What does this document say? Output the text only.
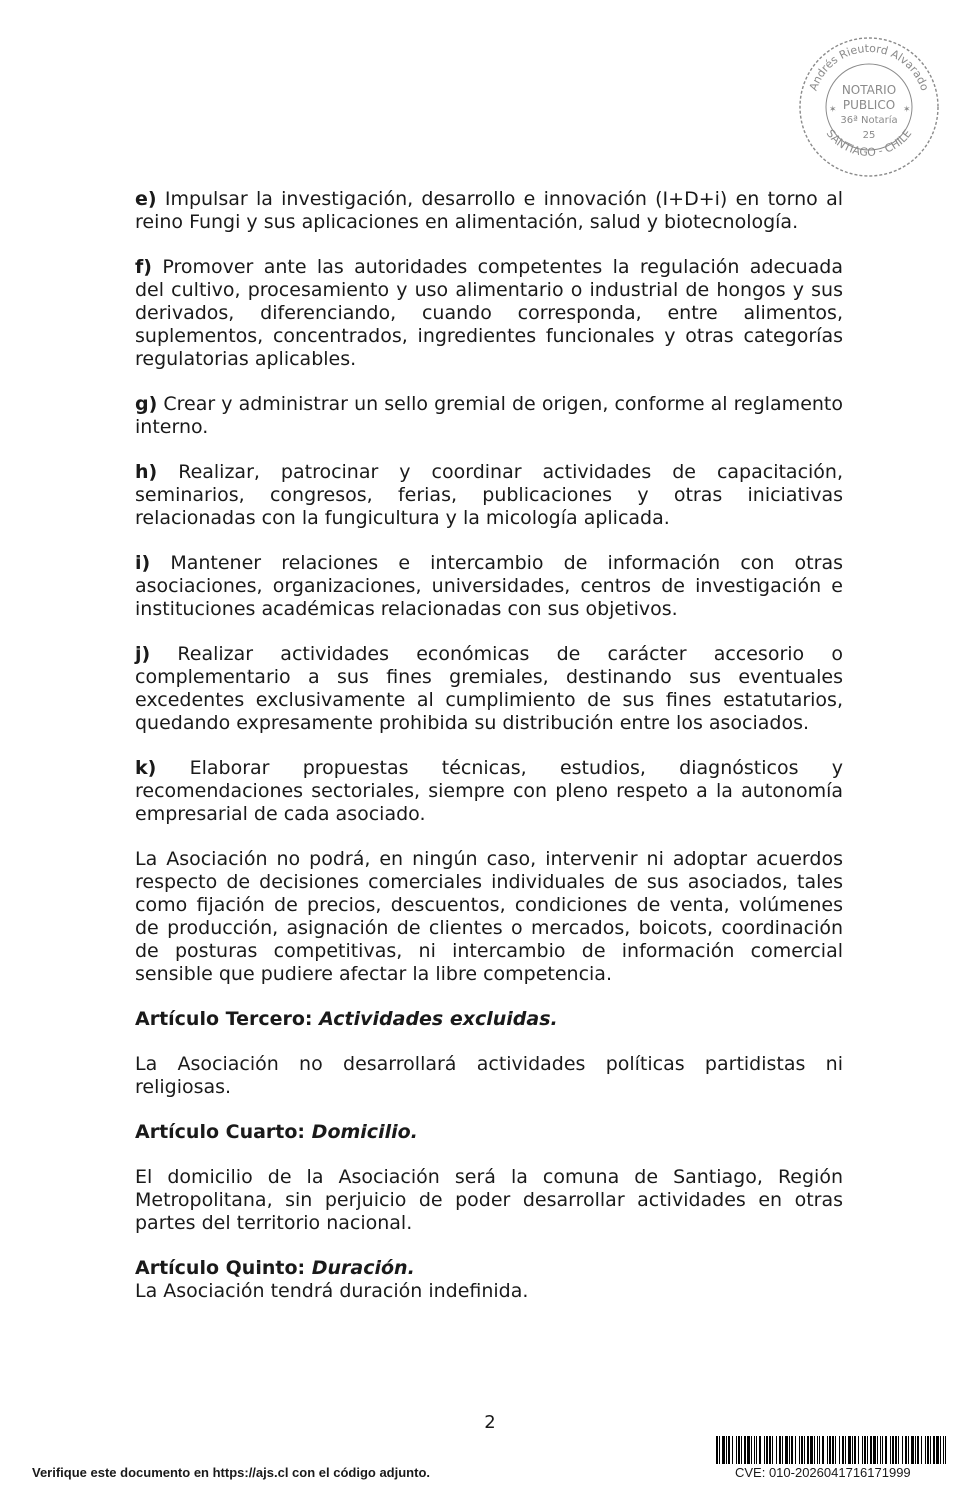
Andrés Rieutord Alvarado
SANTIAGO - CHILE
NOTARIO
PUBLICO
36ª Notaría
25
✶	✶

e) Impulsar la investigación, desarrollo e innovación (I+D+i) en torno al reino Fungi y sus aplicaciones en alimentación, salud y biotecnología.

f) Promover ante las autoridades competentes la regulación adecuada del cultivo, procesamiento y uso alimentario o industrial de hongos y sus derivados, diferenciando, cuando corresponda, entre alimentos, suplementos, concentrados, ingredientes funcionales y otras categorías regulatorias aplicables.

g) Crear y administrar un sello gremial de origen, conforme al reglamento interno.

h) Realizar, patrocinar y coordinar actividades de capacitación, seminarios, congresos, ferias, publicaciones y otras iniciativas relacionadas con la fungicultura y la micología aplicada.

i) Mantener relaciones e intercambio de información con otras asociaciones, organizaciones, universidades, centros de investigación e instituciones académicas relacionadas con sus objetivos.

j) Realizar actividades económicas de carácter accesorio o complementario a sus fines gremiales, destinando sus eventuales excedentes exclusivamente al cumplimiento de sus fines estatutarios, quedando expresamente prohibida su distribución entre los asociados.

k) Elaborar propuestas técnicas, estudios, diagnósticos y recomendaciones sectoriales, siempre con pleno respeto a la autonomía empresarial de cada asociado.

La Asociación no podrá, en ningún caso, intervenir ni adoptar acuerdos respecto de decisiones comerciales individuales de sus asociados, tales como fijación de precios, descuentos, condiciones de venta, volúmenes de producción, asignación de clientes o mercados, boicots, coordinación de posturas competitivas, ni intercambio de información comercial sensible que pudiere afectar la libre competencia.

Artículo Tercero: Actividades excluidas.

La Asociación no desarrollará actividades políticas partidistas ni religiosas.

Artículo Cuarto: Domicilio.

El domicilio de la Asociación será la comuna de Santiago, Región Metropolitana, sin perjuicio de poder desarrollar actividades en otras partes del territorio nacional.

Artículo Quinto: Duración.

La Asociación tendrá duración indefinida.

2
Verifique este documento en https://ajs.cl con el código adjunto.	CVE: 010-2026041716171999
